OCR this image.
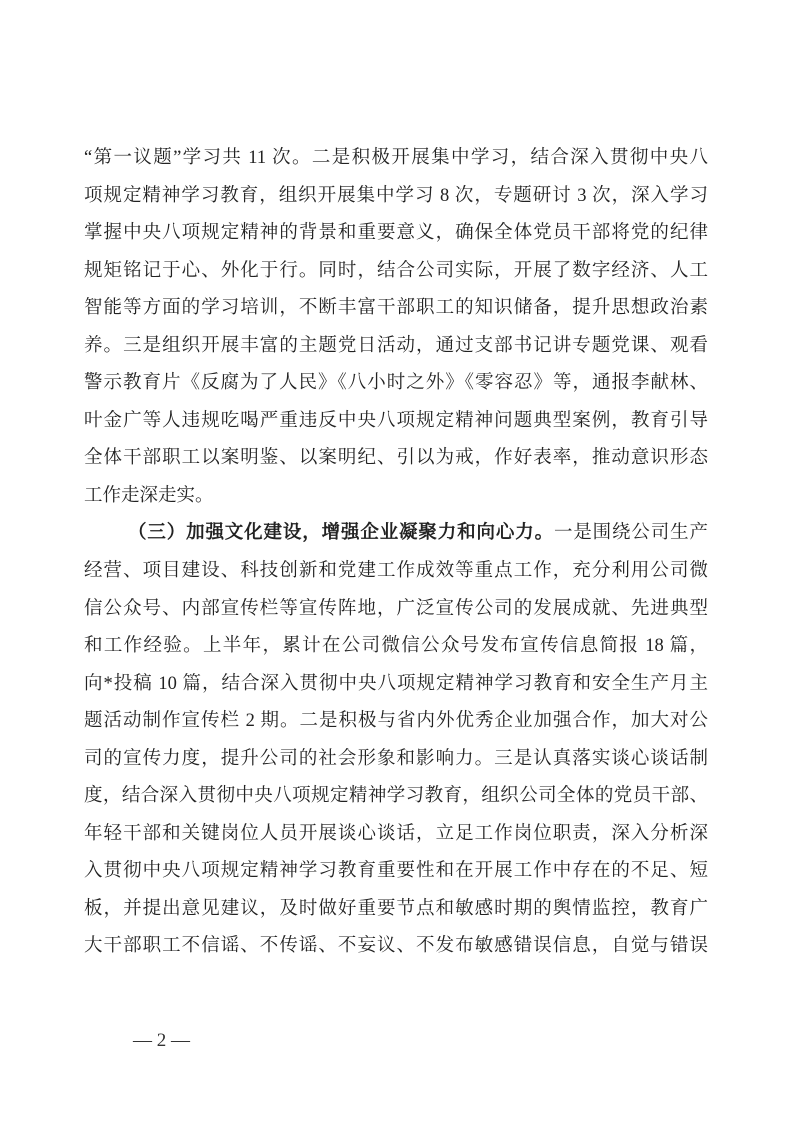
“第一议题”学习共 11 次。二是积极开展集中学习，结合深入贯彻中央八
项规定精神学习教育，组织开展集中学习 8 次，专题研讨 3 次，深入学习
掌握中央八项规定精神的背景和重要意义，确保全体党员干部将党的纪律
规矩铭记于心、外化于行。同时，结合公司实际，开展了数字经济、人工
智能等方面的学习培训，不断丰富干部职工的知识储备，提升思想政治素
养。三是组织开展丰富的主题党日活动，通过支部书记讲专题党课、观看
警示教育片《反腐为了人民》《八小时之外》《零容忍》等，通报李献林、
叶金广等人违规吃喝严重违反中央八项规定精神问题典型案例，教育引导
全体干部职工以案明鉴、以案明纪、引以为戒，作好表率，推动意识形态
工作走深走实。
（三）加强文化建设，增强企业凝聚力和向心力。一是围绕公司生产
经营、项目建设、科技创新和党建工作成效等重点工作，充分利用公司微
信公众号、内部宣传栏等宣传阵地，广泛宣传公司的发展成就、先进典型
和工作经验。上半年，累计在公司微信公众号发布宣传信息简报 18 篇，
向*投稿 10 篇，结合深入贯彻中央八项规定精神学习教育和安全生产月主
题活动制作宣传栏 2 期。二是积极与省内外优秀企业加强合作，加大对公
司的宣传力度，提升公司的社会形象和影响力。三是认真落实谈心谈话制
度，结合深入贯彻中央八项规定精神学习教育，组织公司全体的党员干部、
年轻干部和关键岗位人员开展谈心谈话，立足工作岗位职责，深入分析深
入贯彻中央八项规定精神学习教育重要性和在开展工作中存在的不足、短
板，并提出意见建议，及时做好重要节点和敏感时期的舆情监控，教育广
大干部职工不信谣、不传谣、不妄议、不发布敏感错误信息，自觉与错误
— 2 —
